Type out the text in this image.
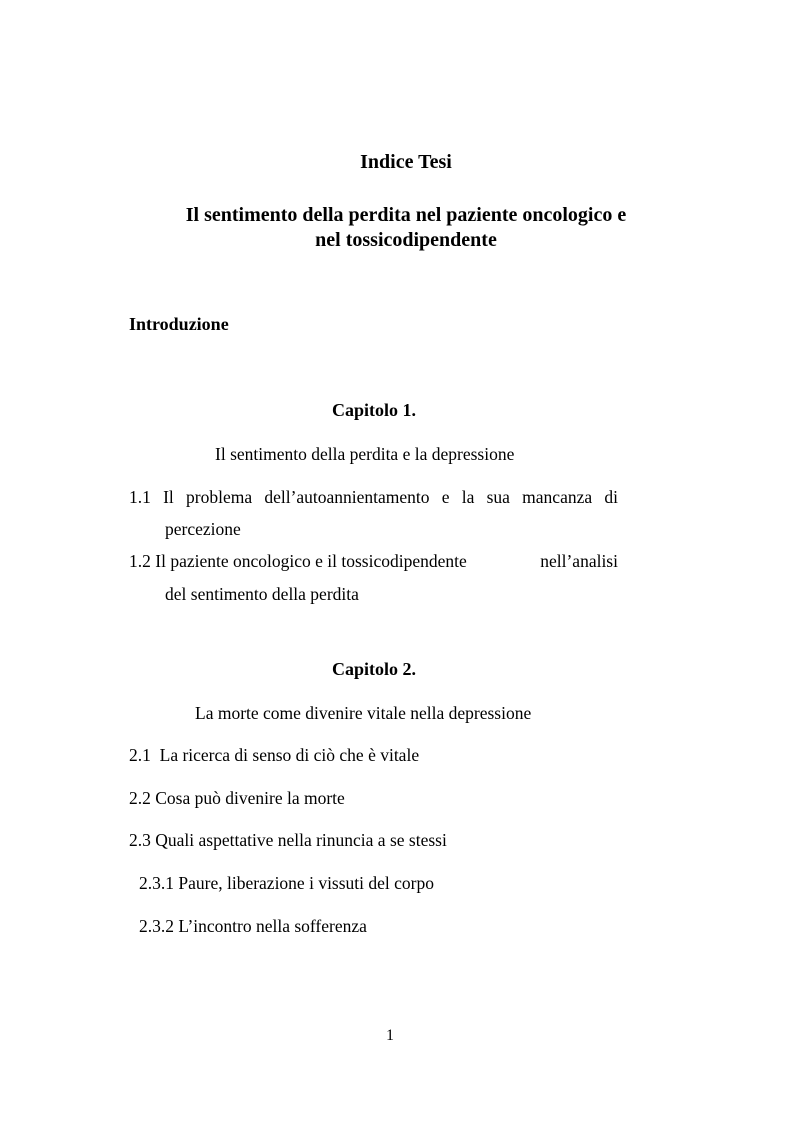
Indice Tesi
Il sentimento della perdita nel paziente oncologico e
nel tossicodipendente
Introduzione
Capitolo 1.
Il sentimento della perdita e la depressione
1.1 Il problema dell’autoannientamento e la sua mancanza di
percezione
1.2 Il paziente oncologico e il tossicodipendente	nell’analisi
del sentimento della perdita
Capitolo 2.
La morte come divenire vitale nella depressione
2.1  La ricerca di senso di ciò che è vitale
2.2 Cosa può divenire la morte
2.3 Quali aspettative nella rinuncia a se stessi
2.3.1 Paure, liberazione i vissuti del corpo
2.3.2 L’incontro nella sofferenza
1
